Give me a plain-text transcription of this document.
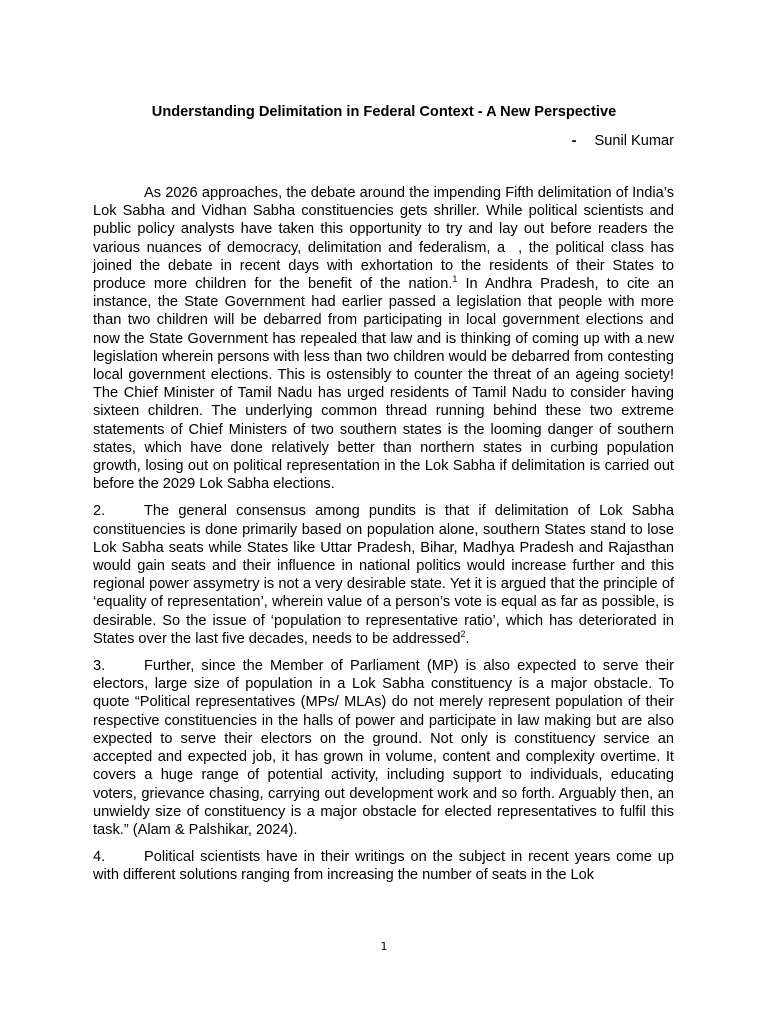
Understanding Delimitation in Federal Context - A New Perspective
- Sunil Kumar

As 2026 approaches, the debate around the impending Fifth delimitation of India’s Lok Sabha and Vidhan Sabha constituencies gets shriller. While political scientists and public policy analysts have taken this opportunity to try and lay out before readers the various nuances of democracy, delimitation and federalism, a  , the political class has joined the debate in recent days with exhortation to the residents of their States to produce more children for the benefit of the nation.$^1$ In Andhra Pradesh, to cite an instance, the State Government had earlier passed a legislation that people with more than two children will be debarred from participating in local government elections and now the State Government has repealed that law and is thinking of coming up with a new legislation wherein persons with less than two children would be debarred from contesting local government elections. This is ostensibly to counter the threat of an ageing society! The Chief Minister of Tamil Nadu has urged residents of Tamil Nadu to consider having sixteen children. The underlying common thread running behind these two extreme statements of Chief Ministers of two southern states is the looming danger of southern states, which have done relatively better than northern states in curbing population growth, losing out on political representation in the Lok Sabha if delimitation is carried out before the 2029 Lok Sabha elections.

2.	The general consensus among pundits is that if delimitation of Lok Sabha constituencies is done primarily based on population alone, southern States stand to lose Lok Sabha seats while States like Uttar Pradesh, Bihar, Madhya Pradesh and Rajasthan would gain seats and their influence in national politics would increase further and this regional power assymetry is not a very desirable state. Yet it is argued that the principle of ‘equality of representation’, wherein value of a person’s vote is equal as far as possible, is desirable. So the issue of ‘population to representative ratio’, which has deteriorated in States over the last five decades, needs to be addressed$^2$.

3.	Further, since the Member of Parliament (MP) is also expected to serve their electors, large size of population in a Lok Sabha constituency is a major obstacle. To quote “Political representatives (MPs/ MLAs) do not merely represent population of their respective constituencies in the halls of power and participate in law making but are also expected to serve their electors on the ground. Not only is constituency service an accepted and expected job, it has grown in volume, content and complexity overtime. It covers a huge range of potential activity, including support to individuals, educating voters, grievance chasing, carrying out development work and so forth. Arguably then, an unwieldy size of constituency is a major obstacle for elected representatives to fulfil this task.” (Alam & Palshikar, 2024).

4.	Political scientists have in their writings on the subject in recent years come up with different solutions ranging from increasing the number of seats in the Lok

1
